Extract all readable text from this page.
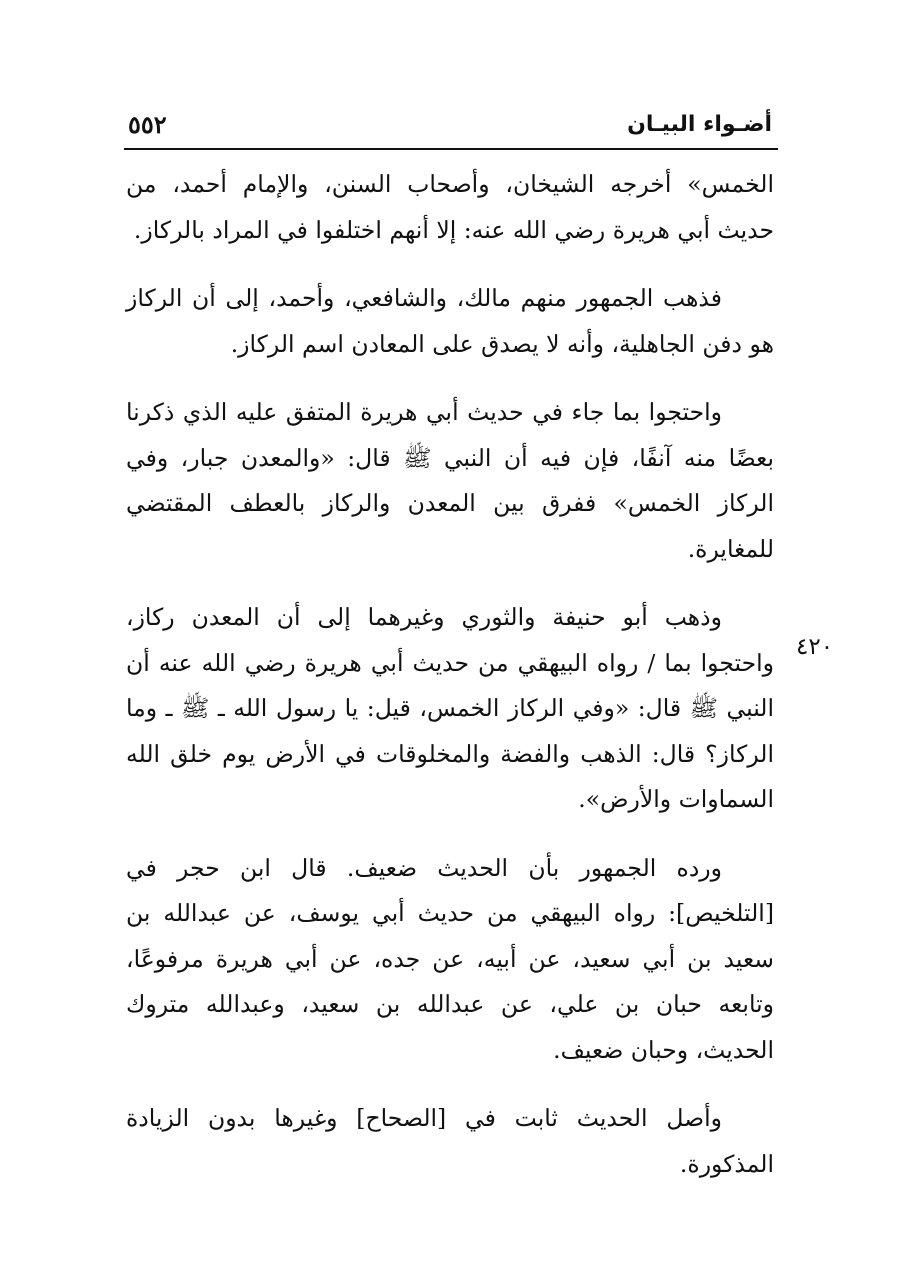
أضـواء البيـان
٥٥٢
٤٢٠

الخمس» أخرجه الشيخان، وأصحاب السنن، والإمام أحمد، من حديث أبي هريرة رضي الله عنه: إلا أنهم اختلفوا في المراد بالركاز.

فذهب الجمهور منهم مالك، والشافعي، وأحمد، إلى أن الركاز هو دفن الجاهلية، وأنه لا يصدق على المعادن اسم الركاز.

واحتجوا بما جاء في حديث أبي هريرة المتفق عليه الذي ذكرنا بعضًا منه آنفًا، فإن فيه أن النبي ﷺ قال: «والمعدن جبار، وفي الركاز الخمس» ففرق بين المعدن والركاز بالعطف المقتضي للمغايرة.

وذهب أبو حنيفة والثوري وغيرهما إلى أن المعدن ركاز، واحتجوا بما / رواه البيهقي من حديث أبي هريرة رضي الله عنه أن النبي ﷺ قال: «وفي الركاز الخمس، قيل: يا رسول الله ـ ﷺ ـ وما الركاز؟ قال: الذهب والفضة والمخلوقات في الأرض يوم خلق الله السماوات والأرض».

ورده الجمهور بأن الحديث ضعيف. قال ابن حجر في [التلخيص]: رواه البيهقي من حديث أبي يوسف، عن عبدالله بن سعيد بن أبي سعيد، عن أبيه، عن جده، عن أبي هريرة مرفوعًا، وتابعه حبان بن علي، عن عبدالله بن سعيد، وعبدالله متروك الحديث، وحبان ضعيف.

وأصل الحديث ثابت في [الصحاح] وغيرها بدون الزيادة المذكورة.
